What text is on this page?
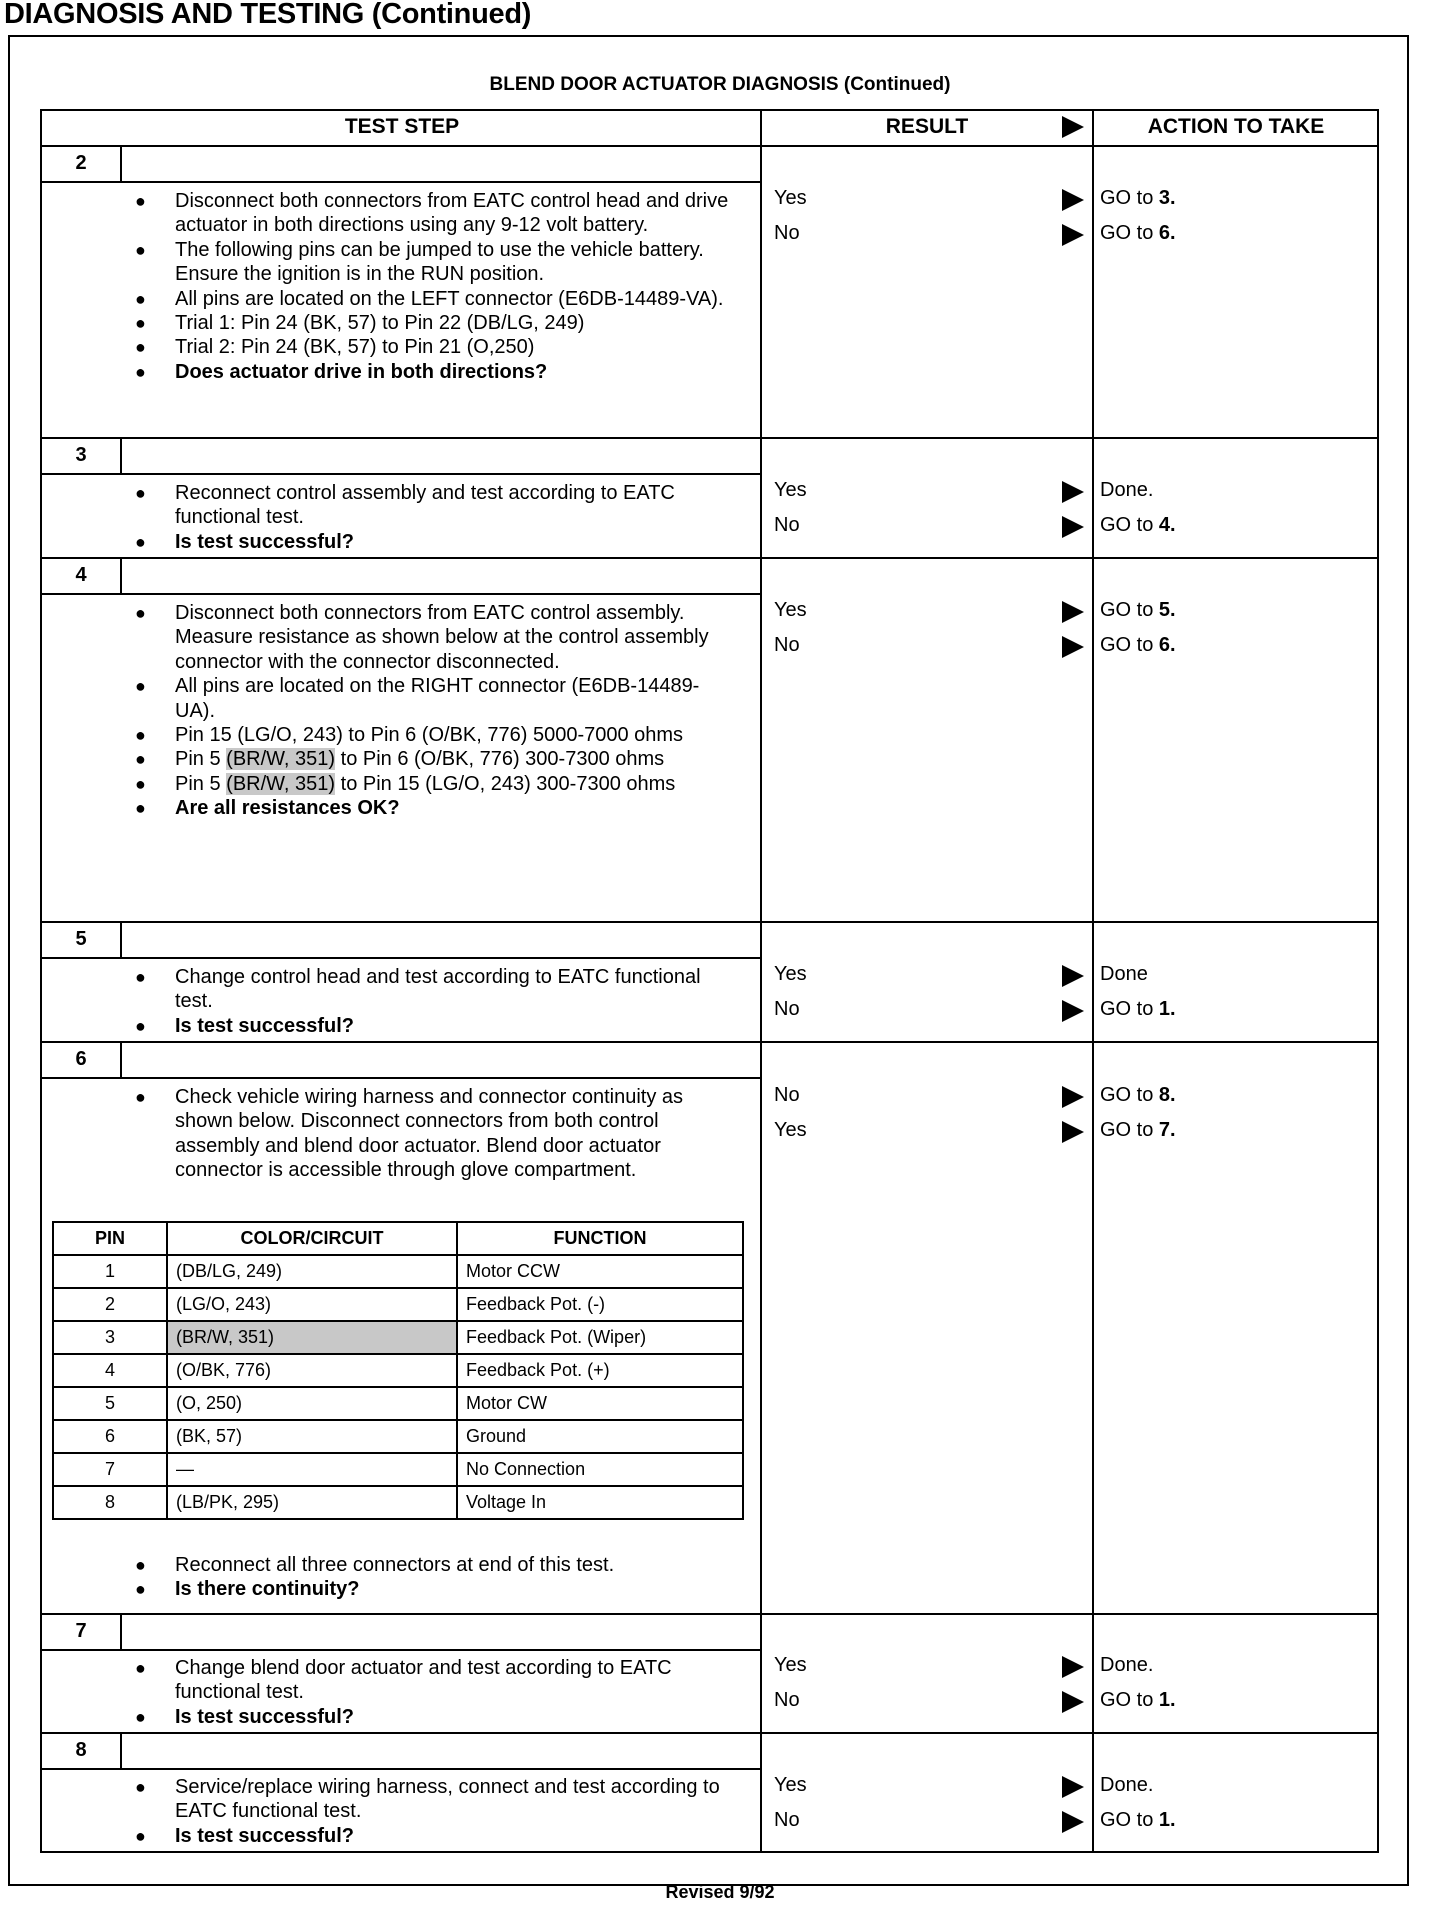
DIAGNOSIS AND TESTING (Continued)
BLEND DOOR ACTUATOR DIAGNOSIS (Continued)
TEST STEP	RESULT	ACTION TO TAKE
2
● Disconnect both connectors from EATC control head and drive actuator in both directions using any 9-12 volt battery.
● The following pins can be jumped to use the vehicle battery. Ensure the ignition is in the RUN position.
● All pins are located on the LEFT connector (E6DB-14489-VA).
● Trial 1: Pin 24 (BK, 57) to Pin 22 (DB/LG, 249)
● Trial 2: Pin 24 (BK, 57) to Pin 21 (O,250)
● Does actuator drive in both directions?
Yes	GO to 3.
No	GO to 6.
3
● Reconnect control assembly and test according to EATC functional test.
● Is test successful?
Yes	Done.
No	GO to 4.
4
● Disconnect both connectors from EATC control assembly. Measure resistance as shown below at the control assembly connector with the connector disconnected.
● All pins are located on the RIGHT connector (E6DB-14489-UA).
● Pin 15 (LG/O, 243) to Pin 6 (O/BK, 776) 5000-7000 ohms
● Pin 5 (BR/W, 351) to Pin 6 (O/BK, 776) 300-7300 ohms
● Pin 5 (BR/W, 351) to Pin 15 (LG/O, 243) 300-7300 ohms
● Are all resistances OK?
Yes	GO to 5.
No	GO to 6.
5
● Change control head and test according to EATC functional test.
● Is test successful?
Yes	Done
No	GO to 1.
6
● Check vehicle wiring harness and connector continuity as shown below. Disconnect connectors from both control assembly and blend door actuator. Blend door actuator connector is accessible through glove compartment.
● Reconnect all three connectors at end of this test.
● Is there continuity?
No	GO to 8.
Yes	GO to 7.
7
● Change blend door actuator and test according to EATC functional test.
● Is test successful?
Yes	Done.
No	GO to 1.
8
● Service/replace wiring harness, connect and test according to EATC functional test.
● Is test successful?
Yes	Done.
No	GO to 1.
PIN	COLOR/CIRCUIT	FUNCTION
1	(DB/LG, 249)	Motor CCW
2	(LG/O, 243)	Feedback Pot. (-)
3	(BR/W, 351)	Feedback Pot. (Wiper)
4	(O/BK, 776)	Feedback Pot. (+)
5	(O, 250)	Motor CW
6	(BK, 57)	Ground
7	—	No Connection
8	(LB/PK, 295)	Voltage In
Revised 9/92
